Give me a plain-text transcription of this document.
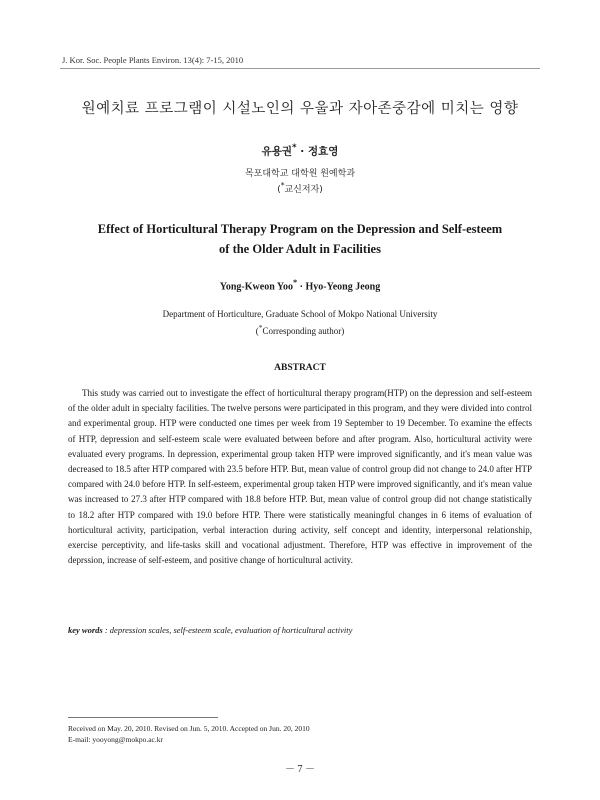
J. Kor. Soc. People Plants Environ. 13(4): 7-15, 2010
원예치료 프로그램이 시설노인의 우울과 자아존중감에 미치는 영향
유용권* · 정효영
목포대학교 대학원 원예학과
(*교신저자)
Effect of Horticultural Therapy Program on the Depression and Self-esteem
of the Older Adult in Facilities
Yong-Kweon Yoo* · Hyo-Yeong Jeong
Department of Horticulture, Graduate School of Mokpo National University
(*Corresponding author)
ABSTRACT
This study was carried out to investigate the effect of horticultural therapy program(HTP) on the depression and self-esteem of the older adult in specialty facilities. The twelve persons were participated in this program, and they were divided into control and experimental group. HTP were conducted one times per week from 19 September to 19 December. To examine the effects of HTP, depression and self-esteem scale were evaluated between before and after program. Also, horticultural activity were evaluated every programs. In depression, experimental group taken HTP were improved significantly, and it's mean value was decreased to 18.5 after HTP compared with 23.5 before HTP. But, mean value of control group did not change to 24.0 after HTP compared with 24.0 before HTP. In self-esteem, experimental group taken HTP were improved significantly, and it's mean value was increased to 27.3 after HTP compared with 18.8 before HTP. But, mean value of control group did not change statistically to 18.2 after HTP compared with 19.0 before HTP. There were statistically meaningful changes in 6 items of evaluation of horticultural activity, participation, verbal interaction during activity, self concept and identity, interpersonal relationship, exercise perceptivity, and life-tasks skill and vocational adjustment. Therefore, HTP was effective in improvement of the deprssion, increase of self-esteem, and positive change of horticultural activity.
key words : depression scales, self-esteem scale, evaluation of horticultural activity
Received on May. 20, 2010. Revised on Jun. 5, 2010. Accepted on Jun. 20, 2010
E-mail: yooyong@mokpo.ac.kr
－ 7 －
